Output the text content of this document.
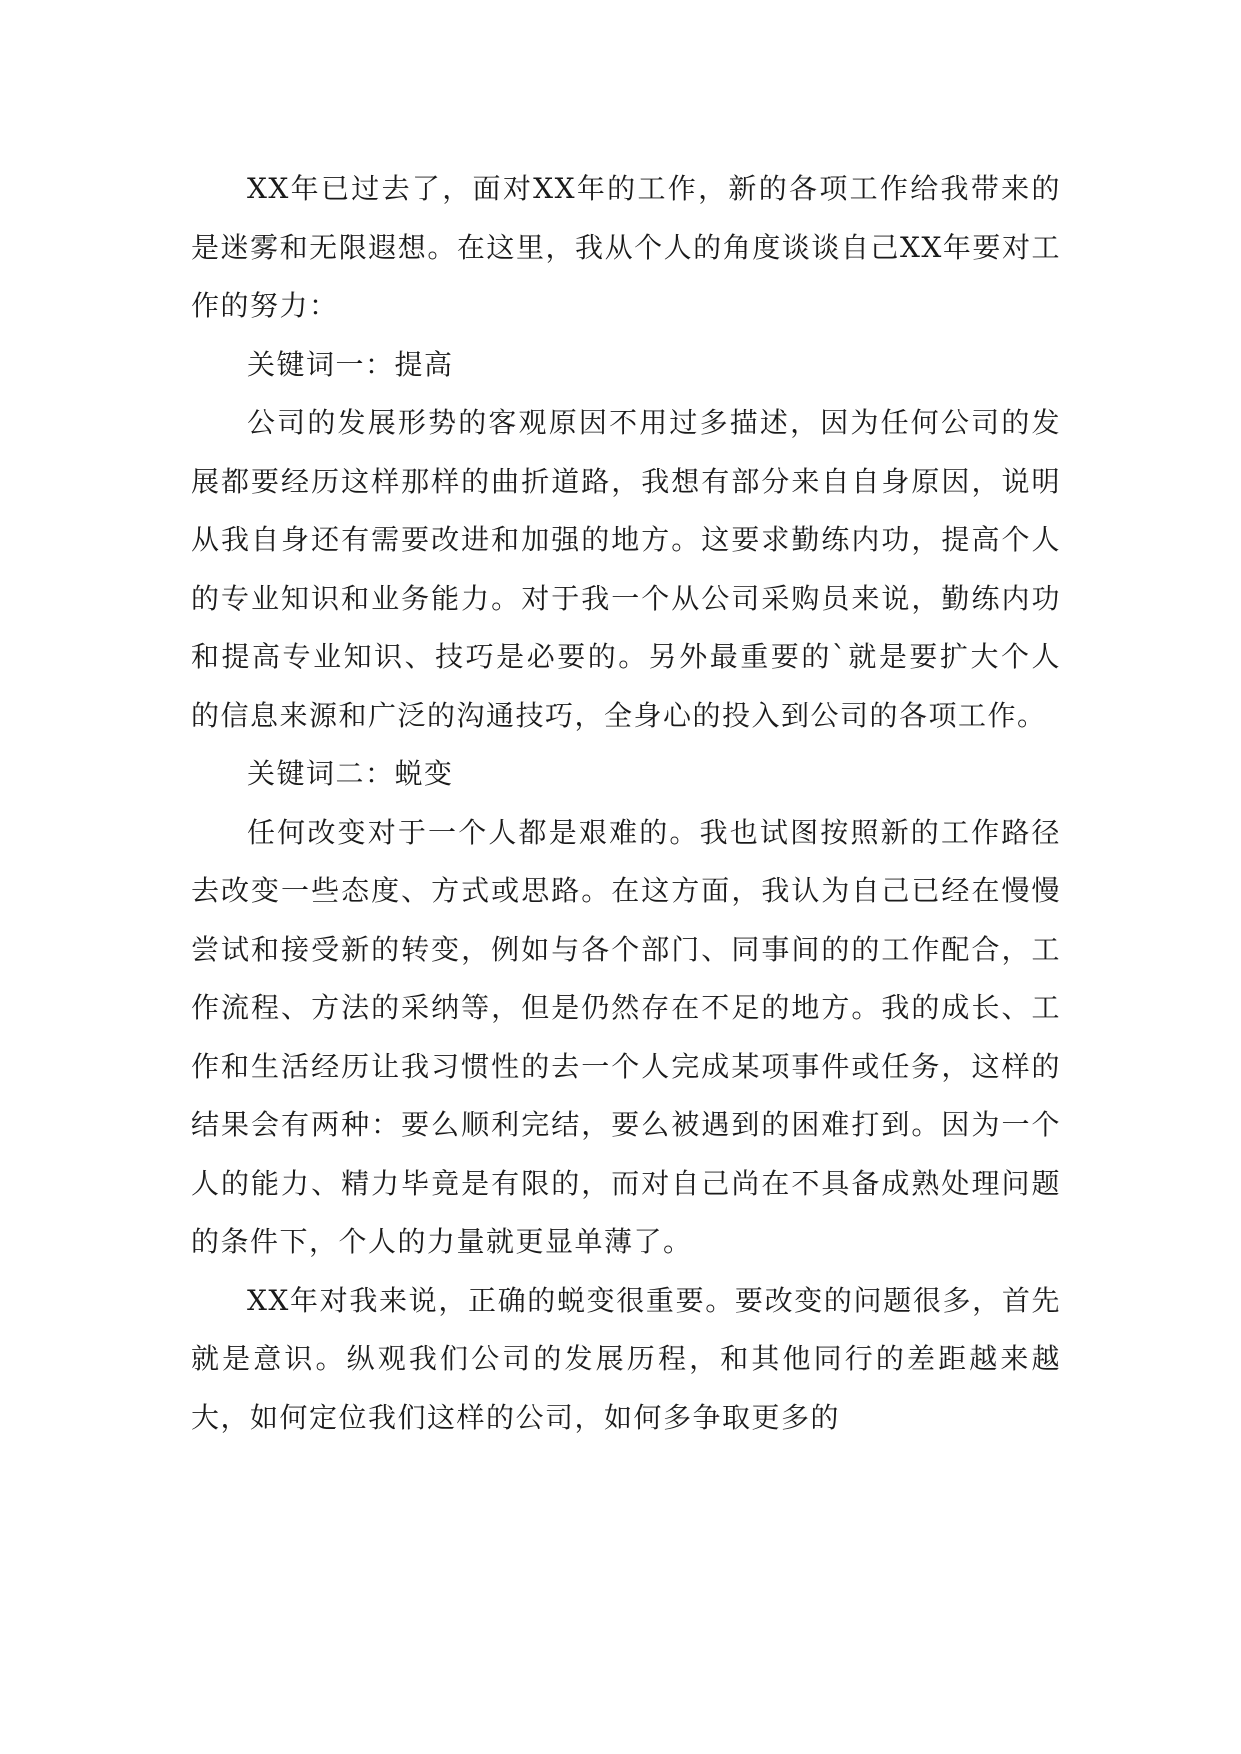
XX年已过去了，面对XX年的工作，新的各项工作给我带来的是迷雾和无限遐想。在这里，我从个人的角度谈谈自己XX年要对工作的努力：

关键词一：提高

公司的发展形势的客观原因不用过多描述，因为任何公司的发展都要经历这样那样的曲折道路，我想有部分来自自身原因，说明从我自身还有需要改进和加强的地方。这要求勤练内功，提高个人的专业知识和业务能力。对于我一个从公司采购员来说，勤练内功和提高专业知识、技巧是必要的。另外最重要的`就是要扩大个人的信息来源和广泛的沟通技巧，全身心的投入到公司的各项工作。

关键词二：蜕变

任何改变对于一个人都是艰难的。我也试图按照新的工作路径去改变一些态度、方式或思路。在这方面，我认为自己已经在慢慢尝试和接受新的转变，例如与各个部门、同事间的的工作配合，工作流程、方法的采纳等，但是仍然存在不足的地方。我的成长、工作和生活经历让我习惯性的去一个人完成某项事件或任务，这样的结果会有两种：要么顺利完结，要么被遇到的困难打到。因为一个人的能力、精力毕竟是有限的，而对自己尚在不具备成熟处理问题的条件下，个人的力量就更显单薄了。

XX年对我来说，正确的蜕变很重要。要改变的问题很多，首先就是意识。纵观我们公司的发展历程，和其他同行的差距越来越大，如何定位我们这样的公司，如何多争取更多的
